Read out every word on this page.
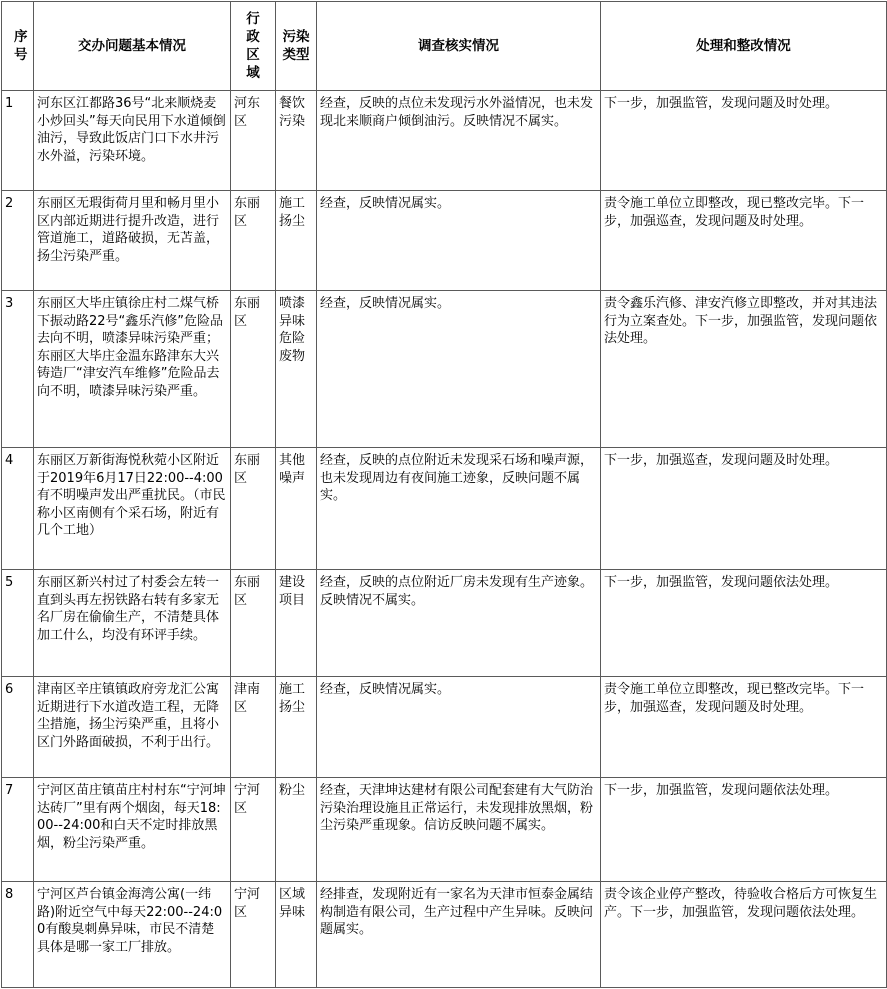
序号	交办问题基本情况	行政区域	污染类型	调查核实情况	处理和整改情况
1	河东区江都路36号“北来顺烧麦小炒回头”每天向民用下水道倾倒油污，导致此饭店门口下水井污水外溢，污染环境。	河东区	餐饮污染	经查，反映的点位未发现污水外溢情况，也未发现北来顺商户倾倒油污。反映情况不属实。	下一步，加强监管，发现问题及时处理。
2	东丽区无瑕街荷月里和畅月里小区内部近期进行提升改造，进行管道施工，道路破损，无苫盖，扬尘污染严重。	东丽区	施工扬尘	经查，反映情况属实。	责令施工单位立即整改，现已整改完毕。下一步，加强巡查，发现问题及时处理。
3	东丽区大毕庄镇徐庄村二煤气桥下振动路22号“鑫乐汽修”危险品去向不明，喷漆异味污染严重；东丽区大毕庄金温东路津东大兴铸造厂“津安汽车维修”危险品去向不明，喷漆异味污染严重。	东丽区	喷漆异味危险废物	经查，反映情况属实。	责令鑫乐汽修、津安汽修立即整改，并对其违法行为立案查处。下一步，加强监管，发现问题依法处理。
4	东丽区万新街海悦秋菀小区附近于2019年6月17日22:00--4:00有不明噪声发出严重扰民。（市民称小区南侧有个采石场，附近有几个工地）	东丽区	其他噪声	经查，反映的点位附近未发现采石场和噪声源，也未发现周边有夜间施工迹象，反映问题不属实。	下一步，加强巡查，发现问题及时处理。
5	东丽区新兴村过了村委会左转一直到头再左拐铁路右转有多家无名厂房在偷偷生产，不清楚具体加工什么，均没有环评手续。	东丽区	建设项目	经查，反映的点位附近厂房未发现有生产迹象。反映情况不属实。	下一步，加强监管，发现问题依法处理。
6	津南区辛庄镇镇政府旁龙汇公寓近期进行下水道改造工程，无降尘措施，扬尘污染严重，且将小区门外路面破损，不利于出行。	津南区	施工扬尘	经查，反映情况属实。	责令施工单位立即整改，现已整改完毕。下一步，加强巡查，发现问题及时处理。
7	宁河区苗庄镇苗庄村村东“宁河坤达砖厂”里有两个烟囱，每天18:00--24:00和白天不定时排放黑烟，粉尘污染严重。	宁河区	粉尘	经查，天津坤达建材有限公司配套建有大气防治污染治理设施且正常运行，未发现排放黑烟，粉尘污染严重现象。信访反映问题不属实。	下一步，加强监管，发现问题依法处理。
8	宁河区芦台镇金海湾公寓(一纬路)附近空气中每天22:00--24:00有酸臭刺鼻异味，市民不清楚具体是哪一家工厂排放。	宁河区	区域异味	经排查，发现附近有一家名为天津市恒泰金属结构制造有限公司，生产过程中产生异味。反映问题属实。	责令该企业停产整改，待验收合格后方可恢复生产。下一步，加强监管，发现问题依法处理。
